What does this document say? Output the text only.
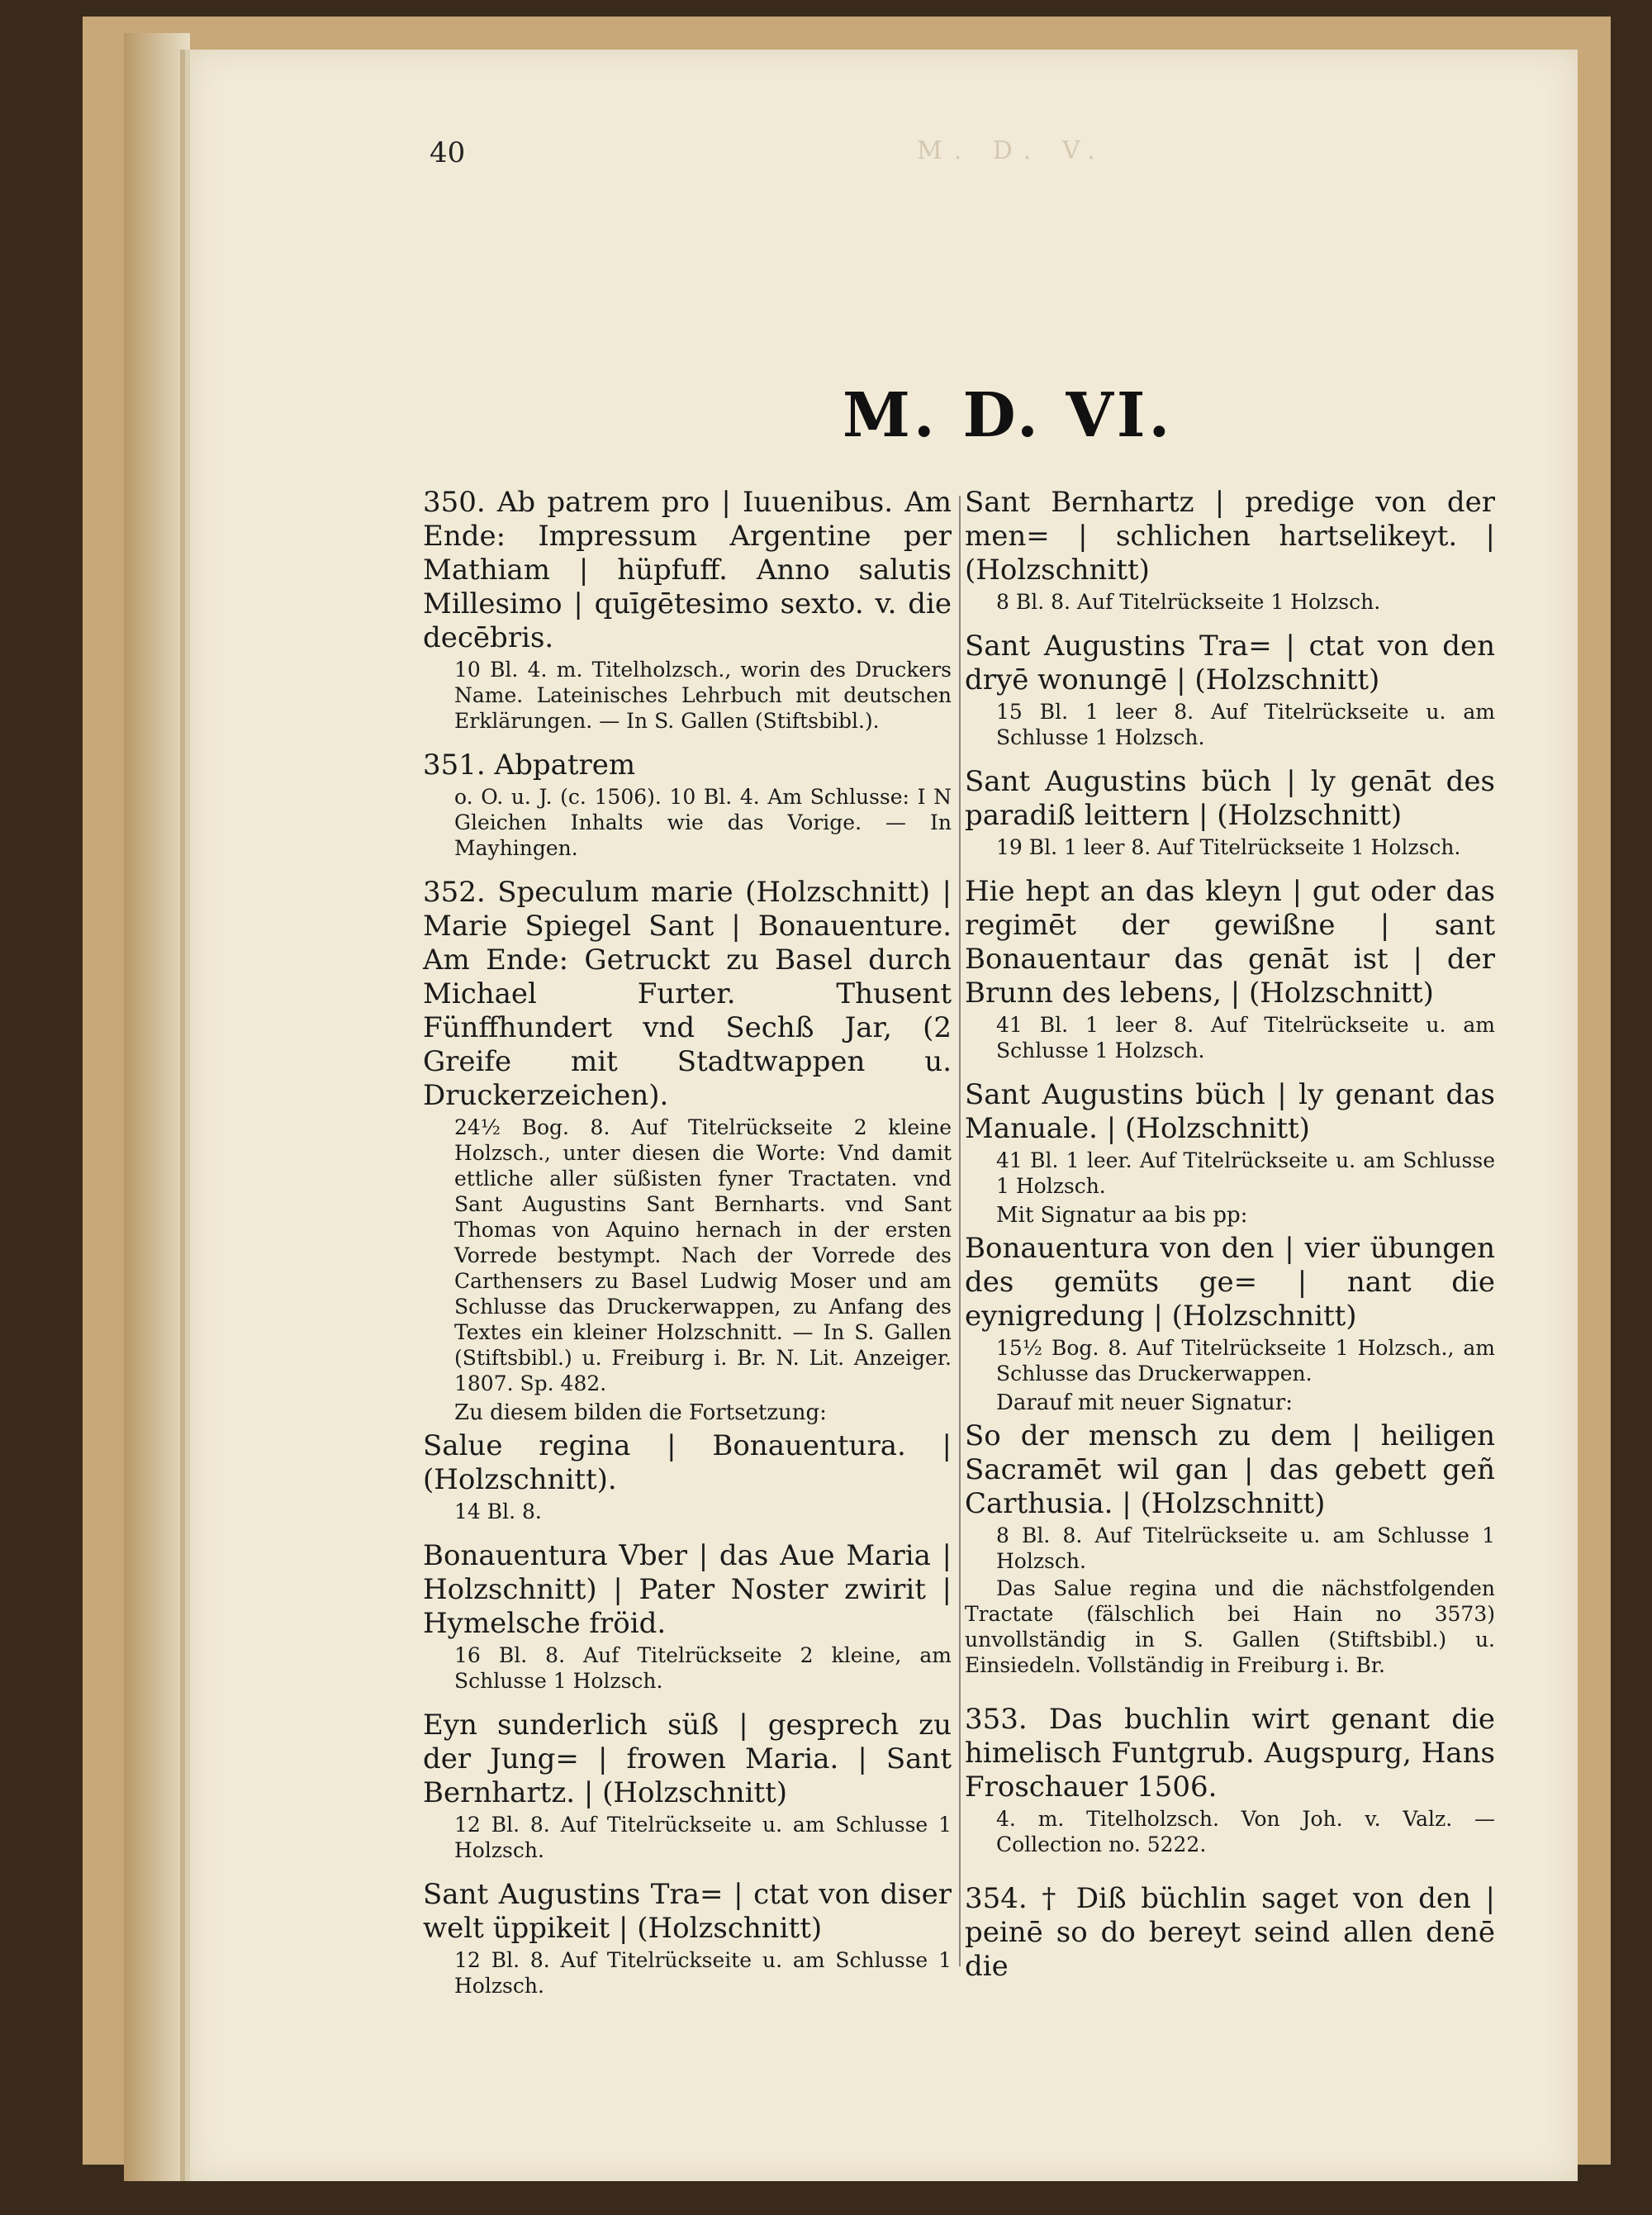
40	M. D. V.
M. D. VI.

350. Ab patrem pro | Iuuenibus. Am Ende: Impressum Argentine per Mathiam | hüpfuff. Anno salutis Millesimo | quīgētesimo sexto. v. die decēbris.

10 Bl. 4. m. Titelholzsch., worin des Druckers Name. Lateinisches Lehrbuch mit deutschen Erklärungen. — In S. Gallen (Stiftsbibl.).

351. Abpatrem

o. O. u. J. (c. 1506). 10 Bl. 4. Am Schlusse: I N Gleichen Inhalts wie das Vorige. — In Mayhingen.

352. Speculum marie (Holzschnitt) | Marie Spiegel Sant | Bonauenture. Am Ende: Getruckt zu Basel durch Michael Furter. Thusent Fünffhundert vnd Sechß Jar, (2 Greife mit Stadtwappen u. Druckerzeichen).

24½ Bog. 8. Auf Titelrückseite 2 kleine Holzsch., unter diesen die Worte: Vnd damit ettliche aller süßisten fyner Tractaten. vnd Sant Augustins Sant Bernharts. vnd Sant Thomas von Aquino hernach in der ersten Vorrede bestympt. Nach der Vorrede des Carthensers zu Basel Ludwig Moser und am Schlusse das Druckerwappen, zu Anfang des Textes ein kleiner Holzschnitt. — In S. Gallen (Stiftsbibl.) u. Freiburg i. Br. N. Lit. Anzeiger. 1807. Sp. 482.

Zu diesem bilden die Fortsetzung:

Salue regina | Bonauentura. | (Holzschnitt).

14 Bl. 8.

Bonauentura Vber | das Aue Maria | Holzschnitt) | Pater Noster zwirit | Hymelsche fröid.

16 Bl. 8. Auf Titelrückseite 2 kleine, am Schlusse 1 Holzsch.

Eyn sunderlich süß | gespreсh zu der Jung= | frowen Maria. | Sant Bernhartz. | (Holzschnitt)

12 Bl. 8. Auf Titelrückseite u. am Schlusse 1 Holzsch.

Sant Augustins Tra= | ctat von diser welt üppikeit | (Holzschnitt)

12 Bl. 8. Auf Titelrückseite u. am Schlusse 1 Holzsch.

Sant Bernhartz | predige von der men= | schlichen hartselikeyt. | (Holzschnitt)

8 Bl. 8. Auf Titelrückseite 1 Holzsch.

Sant Augustins Tra= | ctat von den dryē wonungē | (Holzschnitt)

15 Bl. 1 leer 8. Auf Titelrückseite u. am Schlusse 1 Holzsch.

Sant Augustins büch | ly genāt des paradiß leittern | (Holzschnitt)

19 Bl. 1 leer 8. Auf Titelrückseite 1 Holzsch.

Hie hept an das kleyn | gut oder das regimēt der gewißne | sant Bonauentaur das genāt ist | der Brunn des lebens, | (Holzschnitt)

41 Bl. 1 leer 8. Auf Titelrückseite u. am Schlusse 1 Holzsch.

Sant Augustins büch | ly genant das Manuale. | (Holzschnitt)

41 Bl. 1 leer. Auf Titelrückseite u. am Schlusse 1 Holzsch.

Mit Signatur aa bis pp:

Bonauentura von den | vier übungen des gemüts ge= | nant die eynigredung | (Holzschnitt)

15½ Bog. 8. Auf Titelrückseite 1 Holzsch., am Schlusse das Druckerwappen.

Darauf mit neuer Signatur:

So der mensch zu dem | heiligen Sacramēt wil gan | das gebett geñ Carthusia. | (Holzschnitt)

8 Bl. 8. Auf Titelrückseite u. am Schlusse 1 Holzsch.

Das Salue regina und die nächstfolgenden Tractate (fälschlich bei Hain no 3573) unvollständig in S. Gallen (Stiftsbibl.) u. Einsiedeln. Vollständig in Freiburg i. Br.

353. Das buchlin wirt genant die himelisch Funtgrub. Augspurg, Hans Froschauer 1506.

4. m. Titelholzsch. Von Joh. v. Valz. — Collection no. 5222.

354. † Diß büchlin saget von den | peinē so do bereyt seind allen denē die
